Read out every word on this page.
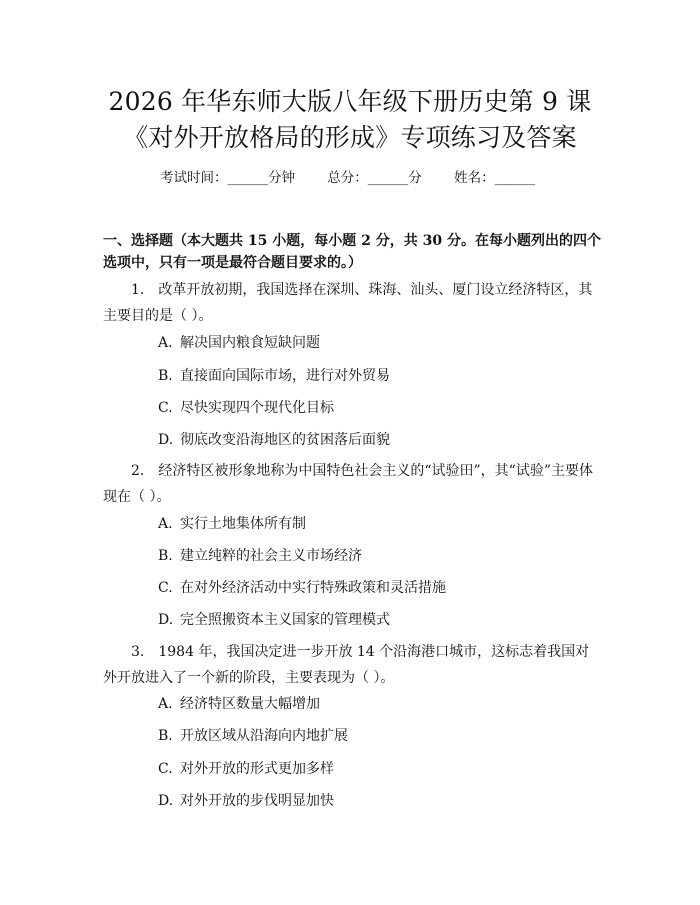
2026 年华东师大版八年级下册历史第 9 课
《对外开放格局的形成》专项练习及答案
考试时间：______分钟 总分：______分 姓名：______
一、选择题（本大题共 15 小题，每小题 2 分，共 30 分。在每小题列出的四个选项中，只有一项是最符合题目要求的。）
1. 改革开放初期，我国选择在深圳、珠海、汕头、厦门设立经济特区，其主要目的是（ ）。
A. 解决国内粮食短缺问题
B. 直接面向国际市场，进行对外贸易
C. 尽快实现四个现代化目标
D. 彻底改变沿海地区的贫困落后面貌
2. 经济特区被形象地称为中国特色社会主义的“试验田”，其“试验”主要体现在（ ）。
A. 实行土地集体所有制
B. 建立纯粹的社会主义市场经济
C. 在对外经济活动中实行特殊政策和灵活措施
D. 完全照搬资本主义国家的管理模式
3. 1984 年，我国决定进一步开放 14 个沿海港口城市，这标志着我国对外开放进入了一个新的阶段，主要表现为（ ）。
A. 经济特区数量大幅增加
B. 开放区域从沿海向内地扩展
C. 对外开放的形式更加多样
D. 对外开放的步伐明显加快
